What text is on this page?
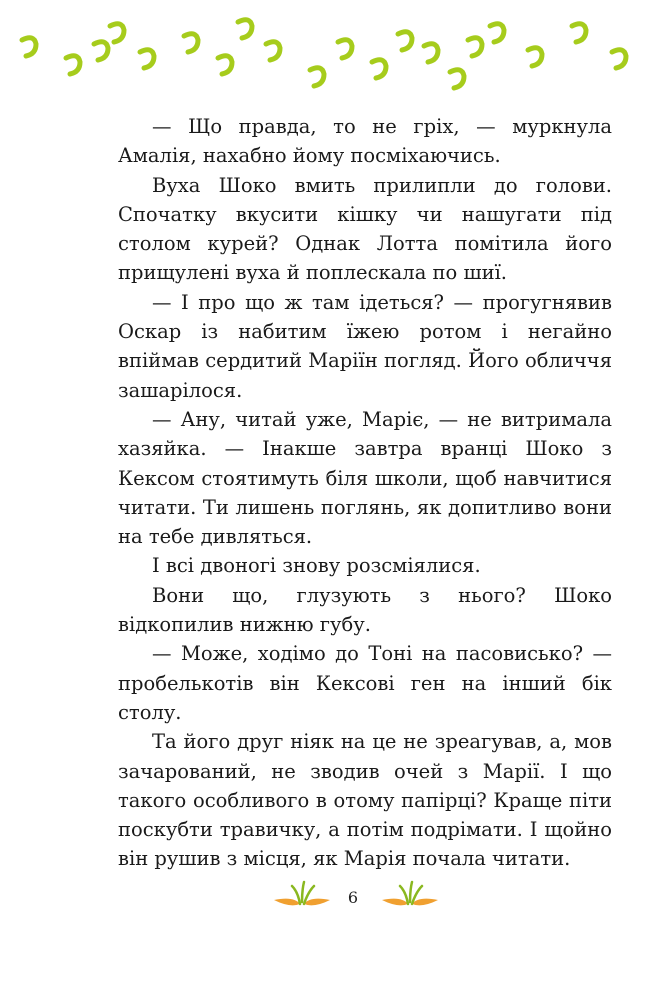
— Що правда, то не гріх, — муркнула Амалія, нахабно йому посміхаючись.

Вуха Шоко вмить прилипли до голови. Спочатку вкусити кішку чи нашугати під столом курей? Однак Лотта помітила його прищулені вуха й поплескала по шиї.

— І про що ж там ідеться? — прогугнявив Оскар із набитим їжею ротом і негайно впіймав сердитий Маріїн погляд. Його обличчя зашарілося.

— Ану, читай уже, Маріє, — не витримала хазяйка. — Інакше завтра вранці Шоко з Кексом стоятимуть біля школи, щоб навчитися читати. Ти лишень поглянь, як допитливо вони на тебе дивляться.

І всі двоногі знову розсміялися.

Вони що, глузують з нього? Шоко відкопилив нижню губу.

— Може, ходімо до Тоні на пасовисько? — пробелькотів він Кексові ген на інший бік столу.

Та його друг ніяк на це не зреагував, а, мов зачарований, не зводив очей з Марії. І що такого особливого в отому папірці? Краще піти поскубти травичку, а потім подрімати. І щойно він рушив з місця, як Марія почала читати.

6
